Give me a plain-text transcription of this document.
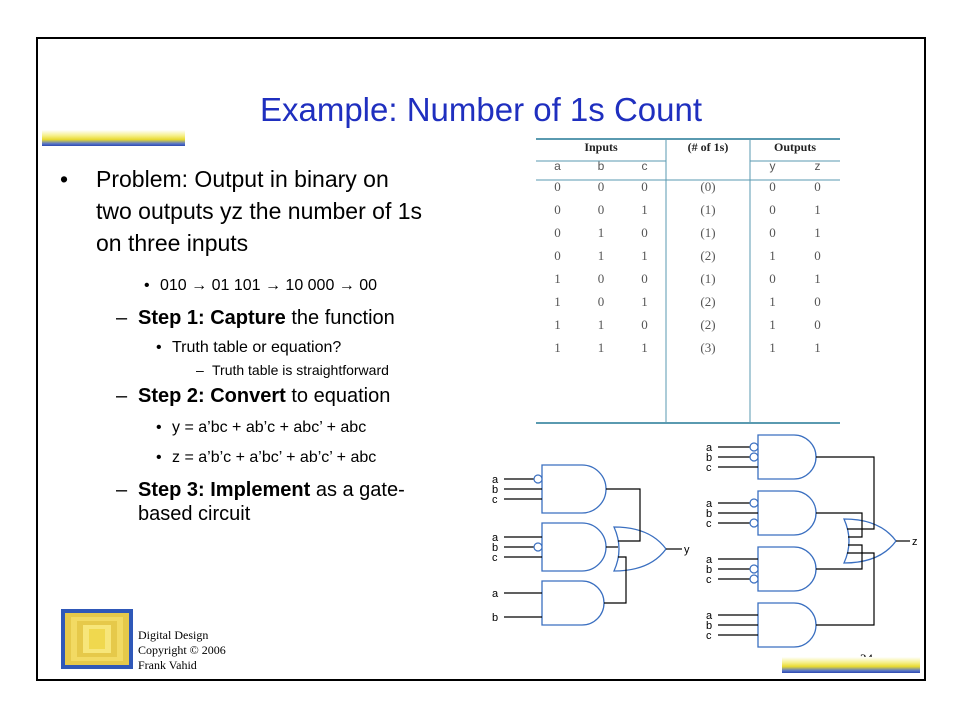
Example: Number of 1s Count
• Problem: Output in binary on
two outputs yz the number of 1s
on three inputs
• 010 → 01 101 → 10 000 → 00
– Step 1: Capture the function
• Truth table or equation?
– Truth table is straightforward
– Step 2: Convert to equation
• y = a’bc + ab’c + abc’ + abc
• z = a’b’c + a’bc’ + ab’c’ + abc
– Step 3: Implement as a gate-
based circuit
Inputs			(# of 1s)	Outputs	
a	b	c		y	z
0	0	0	(0)	0	0
0	0	1	(1)	0	1
0	1	0	(1)	0	1
0	1	1	(2)	1	0
1	0	0	(1)	0	1
1	0	1	(2)	1	0
1	1	0	(2)	1	0
1	1	1	(3)	1	1
a
b
c
a
b
c
a
b
y
a
b
c
a
b
c
a
b
c
a
b
c
z
Digital Design
Copyright © 2006
Frank Vahid
